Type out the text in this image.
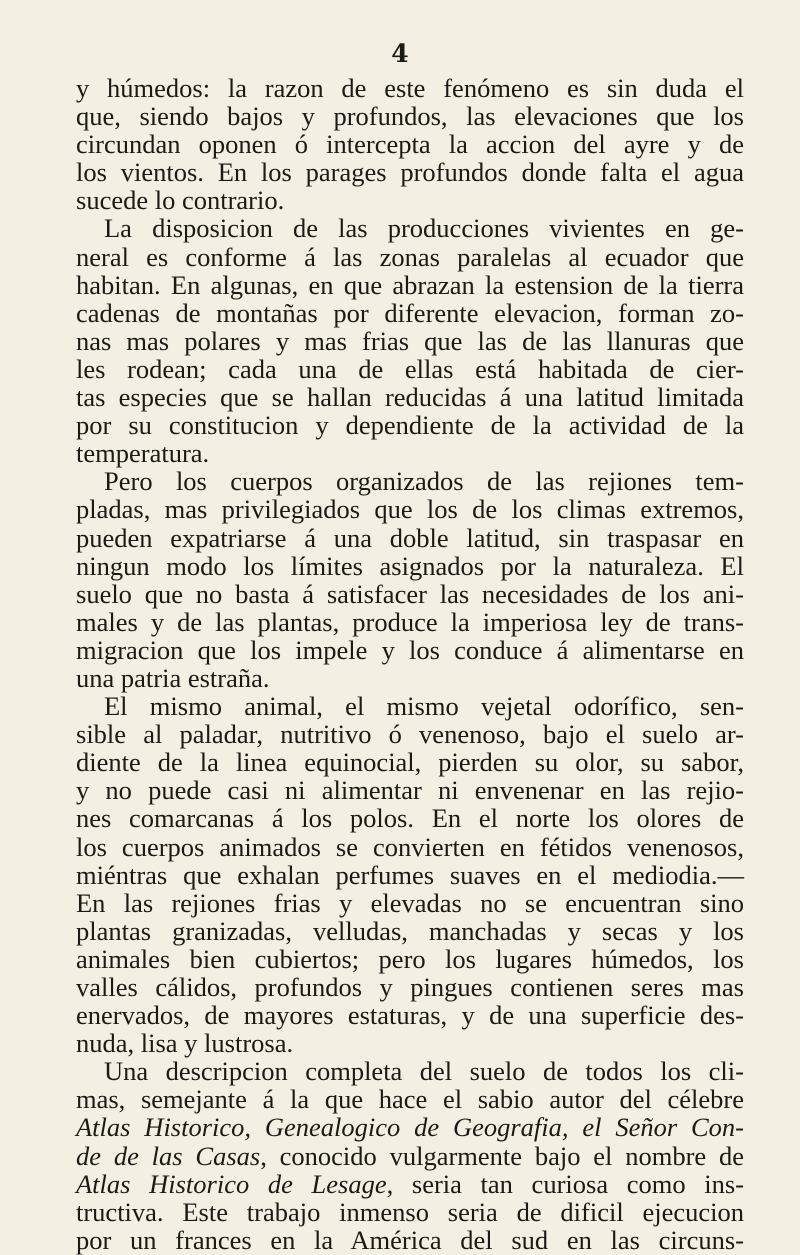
4
y húmedos: la razon de este fenómeno es sin duda el
que, siendo bajos y profundos, las elevaciones que los
circundan oponen ó intercepta la accion del ayre y de
los vientos. En los parages profundos donde falta el agua
sucede lo contrario.
La disposicion de las producciones vivientes en ge-
neral es conforme á las zonas paralelas al ecuador que
habitan. En algunas, en que abrazan la estension de la tierra
cadenas de montañas por diferente elevacion, forman zo-
nas mas polares y mas frias que las de las llanuras que
les rodean; cada una de ellas está habitada de cier-
tas especies que se hallan reducidas á una latitud limitada
por su constitucion y dependiente de la actividad de la
temperatura.
Pero los cuerpos organizados de las rejiones tem-
pladas, mas privilegiados que los de los climas extremos,
pueden expatriarse á una doble latitud, sin traspasar en
ningun modo los límites asignados por la naturaleza. El
suelo que no basta á satisfacer las necesidades de los ani-
males y de las plantas, produce la imperiosa ley de trans-
migracion que los impele y los conduce á alimentarse en
una patria estraña.
El mismo animal, el mismo vejetal odorífico, sen-
sible al paladar, nutritivo ó venenoso, bajo el suelo ar-
diente de la linea equinocial, pierden su olor, su sabor,
y no puede casi ni alimentar ni envenenar en las rejio-
nes comarcanas á los polos. En el norte los olores de
los cuerpos animados se convierten en fétidos venenosos,
miéntras que exhalan perfumes suaves en el mediodia.—
En las rejiones frias y elevadas no se encuentran sino
plantas granizadas, velludas, manchadas y secas y los
animales bien cubiertos; pero los lugares húmedos, los
valles cálidos, profundos y pingues contienen seres mas
enervados, de mayores estaturas, y de una superficie des-
nuda, lisa y lustrosa.
Una descripcion completa del suelo de todos los cli-
mas, semejante á la que hace el sabio autor del célebre
Atlas Historico, Genealogico de Geografia, el Señor Con-
de de las Casas, conocido vulgarmente bajo el nombre de
Atlas Historico de Lesage, seria tan curiosa como ins-
tructiva. Este trabajo inmenso seria de dificil ejecucion
por un frances en la América del sud en las circuns-
